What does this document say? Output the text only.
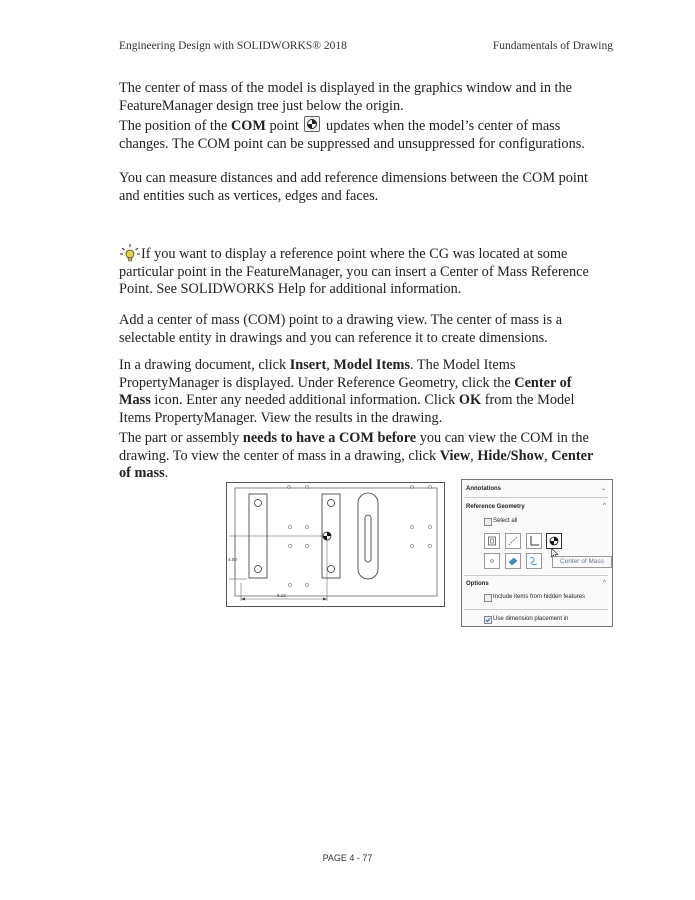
Engineering Design with SOLIDWORKS® 2018	Fundamentals of Drawing

The center of mass of the model is displayed in the graphics window and in the FeatureManager design tree just below the origin.

The position of the COM point
updates when the model’s center of mass changes. The COM point can be suppressed and unsuppressed for configurations.

You can measure distances and add reference dimensions between the COM point and entities such as vertices, edges and faces.

If you want to display a reference point where the CG was located at some particular point in the FeatureManager, you can insert a Center of Mass Reference Point. See SOLIDWORKS Help for additional information.

Add a center of mass (COM) point to a drawing view. The center of mass is a selectable entity in drawings and you can reference it to create dimensions.

In a drawing document, click Insert, Model Items. The Model Items PropertyManager is displayed. Under Reference Geometry, click the Center of Mass icon. Enter any needed additional information. Click OK from the Model Items PropertyManager. View the results in the drawing.

The part or assembly needs to have a COM before you can view the COM in the drawing. To view the center of mass in a drawing, click View, Hide/Show, Center of mass.

4.00
6.12
Annotations	⌄
Reference Geometry	^
Select all
Center of Mass
Options	^
Include items from hidden features
Use dimension placement in
PAGE 4 - 77
